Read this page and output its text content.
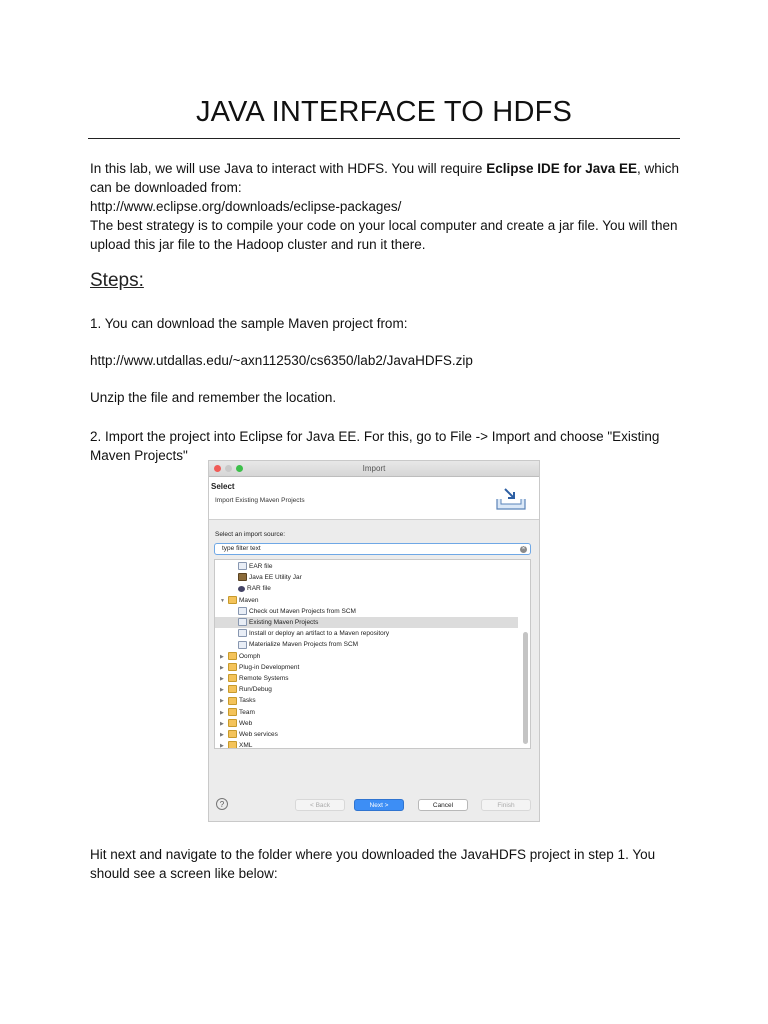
JAVA INTERFACE TO HDFS
In this lab, we will use Java to interact with HDFS. You will require Eclipse IDE for Java EE, which can be downloaded from:
http://www.eclipse.org/downloads/eclipse-packages/
The best strategy is to compile your code on your local computer and create a jar file. You will then upload this jar file to the Hadoop cluster and run it there.
Steps:
1. You can download the sample Maven project from:
http://www.utdallas.edu/~axn112530/cs6350/lab2/JavaHDFS.zip
Unzip the file and remember the location.
2. Import the project into Eclipse for Java EE. For this, go to File -> Import and choose "Existing Maven Projects"
Import
Select
Import Existing Maven Projects
Select an import source:
type filter text	×
EAR file
Java EE Utility Jar
RAR file
▼ Maven
Check out Maven Projects from SCM
Existing Maven Projects
Install or deploy an artifact to a Maven repository
Materialize Maven Projects from SCM
▶ Oomph
▶ Plug-in Development
▶ Remote Systems
▶ Run/Debug
▶ Tasks
▶ Team
▶ Web
▶ Web services
▶ XML
?	< Back	Next >	Cancel	Finish
Hit next and navigate to the folder where you downloaded the JavaHDFS project in step 1. You should see a screen like below:
